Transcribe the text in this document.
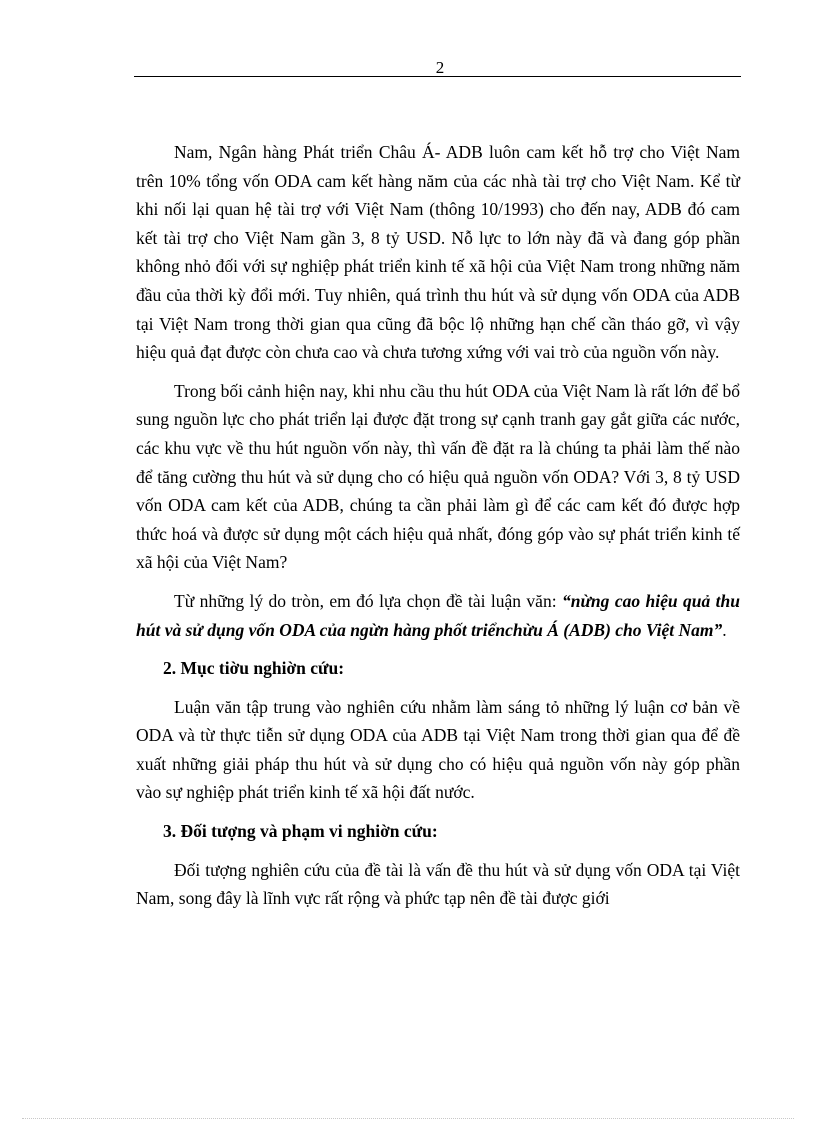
2

Nam, Ngân hàng Phát triển Châu Á- ADB luôn cam kết hỗ trợ cho Việt Nam trên 10% tổng vốn ODA cam kết hàng năm của các nhà tài trợ cho Việt Nam. Kể từ khi nối lại quan hệ tài trợ với Việt Nam (thông 10/1993) cho đến nay, ADB đó cam kết tài trợ cho Việt Nam gần 3, 8 tỷ USD. Nỗ lực to lớn này đã và đang góp phần không nhỏ đối với sự nghiệp phát triển kinh tế xã hội của Việt Nam trong những năm đầu của thời kỳ đổi mới. Tuy nhiên, quá trình thu hút và sử dụng vốn ODA của ADB tại Việt Nam trong thời gian qua cũng đã bộc lộ những hạn chế cần tháo gỡ, vì vậy hiệu quả đạt được còn chưa cao và chưa tương xứng với vai trò của nguồn vốn này.

Trong bối cảnh hiện nay, khi nhu cầu thu hút ODA của Việt Nam là rất lớn để bổ sung nguồn lực cho phát triển lại được đặt trong sự cạnh tranh gay gắt giữa các nước, các khu vực về thu hút nguồn vốn này, thì vấn đề đặt ra là chúng ta phải làm thế nào để tăng cường thu hút và sử dụng cho có hiệu quả nguồn vốn ODA? Với 3, 8 tỷ USD vốn ODA cam kết của ADB, chúng ta cần phải làm gì để các cam kết đó được hợp thức hoá và được sử dụng một cách hiệu quả nhất, đóng góp vào sự phát triển kinh tế xã hội của Việt Nam?

Từ những lý do tròn, em đó lựa chọn đề tài luận văn: “nừng cao hiệu quả thu hút và sử dụng vốn ODA của ngừn hàng phốt triểnchừu Á (ADB) cho Việt Nam”.

2. Mục tiờu nghiờn cứu:

Luận văn tập trung vào nghiên cứu nhằm làm sáng tỏ những lý luận cơ bản về ODA và từ thực tiễn sử dụng ODA của ADB tại Việt Nam trong thời gian qua để đề xuất những giải pháp thu hút và sử dụng cho có hiệu quả nguồn vốn này góp phần vào sự nghiệp phát triển kinh tế xã hội đất nước.

3. Đối tượng và phạm vi nghiờn cứu:

Đối tượng nghiên cứu của đề tài là vấn đề thu hút và sử dụng vốn ODA tại Việt Nam, song đây là lĩnh vực rất rộng và phức tạp nên đề tài được giới
